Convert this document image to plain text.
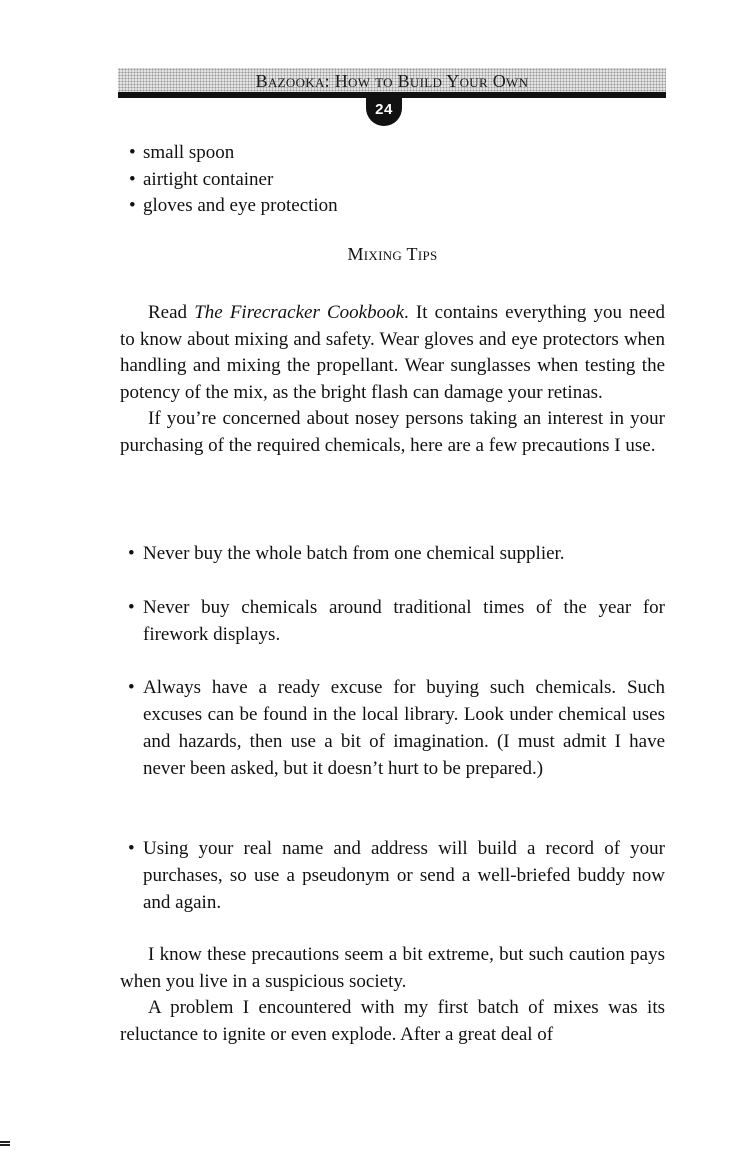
Bazooka: How to Build Your Own
24
• small spoon
• airtight container
• gloves and eye protection
Mixing Tips

Read The Firecracker Cookbook. It contains everything you need to know about mixing and safety. Wear gloves and eye protectors when handling and mixing the propellant. Wear sunglasses when testing the potency of the mix, as the bright flash can damage your retinas.

If you’re concerned about nosey persons taking an interest in your purchasing of the required chemicals, here are a few precautions I use.

• Never buy the whole batch from one chemical supplier.
• Never buy chemicals around traditional times of the year for firework displays.
• Always have a ready excuse for buying such chemicals. Such excuses can be found in the local library. Look under chemical uses and hazards, then use a bit of imagination. (I must admit I have never been asked, but it doesn’t hurt to be prepared.)
• Using your real name and address will build a record of your purchases, so use a pseudonym or send a well-briefed buddy now and again.

I know these precautions seem a bit extreme, but such caution pays when you live in a suspicious society.

A problem I encountered with my first batch of mixes was its reluctance to ignite or even explode. After a great deal of
